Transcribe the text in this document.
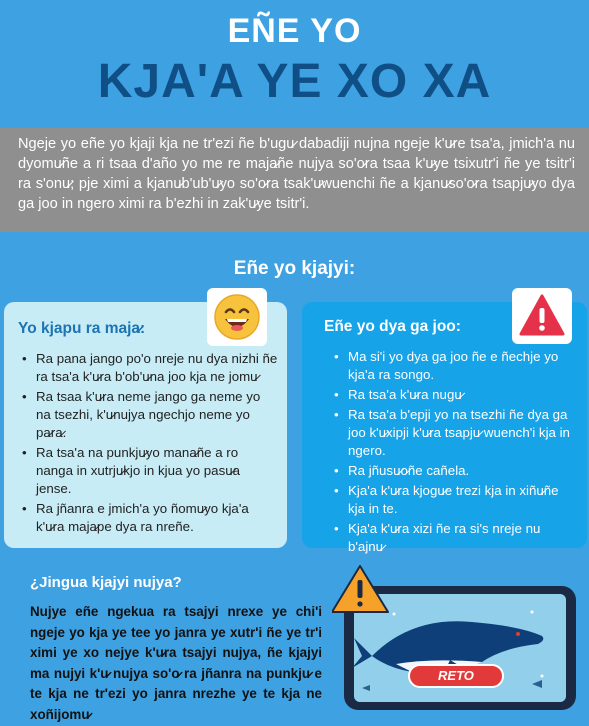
EÑE YO
KJA'A YE XO XA
Ngeje yo eñe yo kjaji kja ne tr'ezi ñe b'ugu̷ dabadiji nujna ngeje k'u̷re tsa'a, jmich'a nu dyomu̷ñe a ri tsaa d'año yo me re maja̷ñe nujya so'o̷ra tsaa k'u̷ye tsixutr'i ñe ye tsitr'i ra s'onu̷; pje ximi a kjanu̷b'ub'u̷yo so'o̷ra tsak'u̷wuenchi ñe a kjanu̷so'o̷ra tsapju̷yo dya ga joo in ngero ximi ra b'ezhi in zak'u̷ye tsitr'i.
Eñe yo kjajyi:
Yo kjapu ra maja̷:
• Ra pana jango po'o nreje nu dya nizhi ñe ra tsa'a k'u̷ra b'ob'u̷na joo kja ne jomu̷
• Ra tsaa k'u̷ra neme jango ga neme yo na tsezhi, k'u̷nujya ngechjo neme yo pa̷ra̷.
• Ra tsa'a na punkju̷yo mana̷ñe a ro nanga in xutrju̷kjo in kjua yo pasu̷a jense.
• Ra jñanra e jmich'a yo ñomu̷yo kja'a k'u̷ra maja̷pe dya ra nreñe.
Eñe yo dya ga joo:
• Ma si'i yo dya ga joo ñe e ñechje yo kja'a ra songo.
• Ra tsa'a k'u̷ra nugu̷
• Ra tsa'a b'epji yo na tsezhi ñe dya ga joo k'u̷xipji k'u̷ra tsapju̷ wuench'i kja in ngero.
• Ra jñusu̷o̷ñe cañela.
• Kja'a k'u̷ra kjogu̷e trezi kja in xiñu̷ñe kja in te.
• Kja'a k'u̷ra xizi ñe ra si's nreje nu b'ajnu̷
¿Jingua kjajyi nujya?
Nujye eñe ngekua ra tsajyi nrexe ye chi'i ngeje yo kja ye tee yo janra ye xutr'i ñe ye tr'i ximi ye xo nejye k'u̷ra tsajyi nujya, ñe kjajyi ma nujyi k'u̷ nujya so'o̷ ra jñanra na punkju̷ e te kja ne tr'ezi yo janra nrezhe ye te kja ne xoñijomu̷
RETO
